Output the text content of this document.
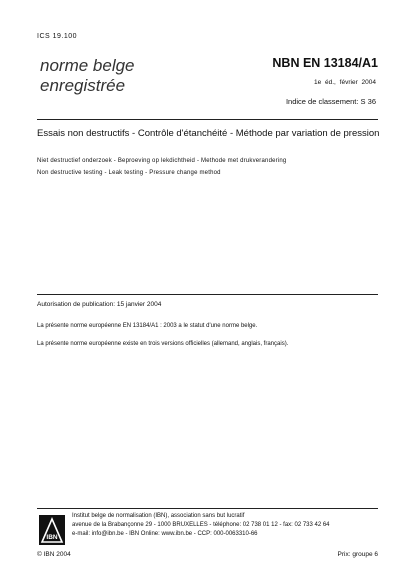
ICS 19.100
norme belge
enregistrée
NBN EN 13184/A1
1e éd., février 2004
Indice de classement: S 36
Essais non destructifs - Contrôle d'étanchéité - Méthode par variation de pression
Niet destructief onderzoek - Beproeving op lekdichtheid - Methode met drukverandering
Non destructive testing - Leak testing - Pressure change method
Autorisation de publication: 15 janvier 2004
La présente norme européenne EN 13184/A1 : 2003 a le statut d'une norme belge.
La présente norme européenne existe en trois versions officielles (allemand, anglais, français).
IBN
Institut belge de normalisation (IBN), association sans but lucratif
avenue de la Brabançonne 29 - 1000 BRUXELLES - téléphone: 02 738 01 12 - fax: 02 733 42 64
e-mail: info@ibn.be - IBN Online: www.ibn.be - CCP: 000-0063310-66
© IBN 2004	Prix: groupe 6
